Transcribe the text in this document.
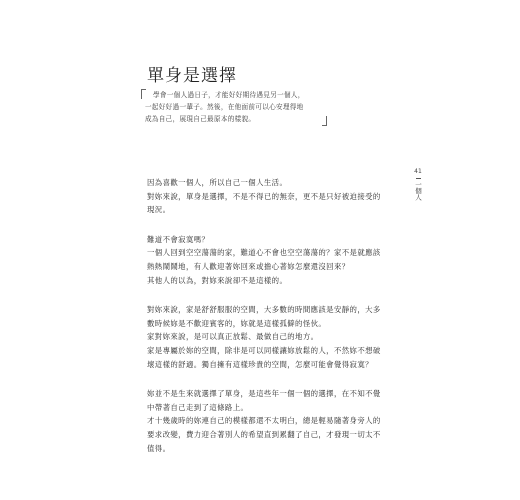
單身是選擇
學會一個人過日子，才能好好期待遇見另一個人，
一起好好過一輩子。然後，在他面前可以心安理得地
成為自己，展現自己最原本的樣貌。
41
一個人
因為喜歡一個人，所以自己一個人生活。
對妳來說，單身是選擇，不是不得已的無奈，更不是只好被迫接受的
現況。
難道不會寂寞嗎？
一個人回到空空蕩蕩的家，難道心不會也空空蕩蕩的？家不是就應該
熱熱鬧鬧地，有人歡迎著妳回來或擔心著妳怎麼還沒回來？
其他人的以為，對妳來說卻不是這樣的。
對妳來說，家是舒舒服服的空間，大多數的時間應該是安靜的，大多
數時候妳是不歡迎賓客的，妳就是這樣孤僻的怪伙。
家對妳來說，是可以真正放鬆、最做自己的地方。
家是專屬於妳的空間，除非是可以同樣讓妳放鬆的人，不然妳不想破
壞這樣的舒適。獨自擁有這樣珍貴的空間，怎麼可能會覺得寂寞？
妳並不是生來就選擇了單身，是這些年一個一個的選擇，在不知不覺
中帶著自己走到了這條路上。
才十幾歲時的妳連自己的模樣都還不太明白，總是輕易隨著身旁人的
要求改變，費力迎合著別人的希望直到累翻了自己，才發現一切太不
值得。
